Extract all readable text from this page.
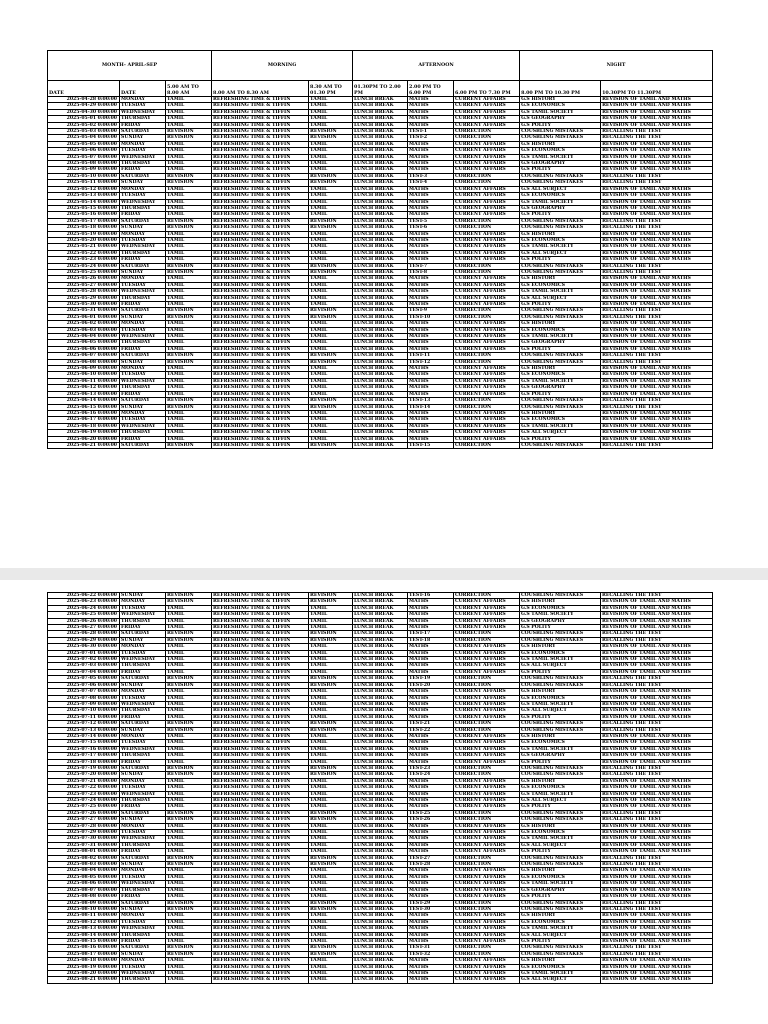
MONTH- APRIL-SEP			MORNING		AFTERNOON			NIGHT	
DATE	DATE	5.00 AM TO 8.00 AM	8.00 AM TO 8.30 AM	8.30 AM TO 01.30 PM	01.30PM TO 2.00 PM	2.00 PM TO 6.00 PM	6.00 PM TO 7.30 PM	8.00 PM TO 10.30 PM	10.30PM TO 11.30PM
2025-04-28 0:00:00	MONDAY	TAMIL	REFRESHING TIME & TIFFIN	TAMIL	LUNCH BREAK	MATHS	CURRENT AFFAIRS	G.S HISTORY	REVISION OF TAMIL AND MATHS
2025-04-29 0:00:00	TUESDAY	TAMIL	REFRESHING TIME & TIFFIN	TAMIL	LUNCH BREAK	MATHS	CURRENT AFFAIRS	G.S ECONOMICS	REVISION OF TAMIL AND MATHS
2025-04-30 0:00:00	WEDNESDAY	TAMIL	REFRESHING TIME & TIFFIN	TAMIL	LUNCH BREAK	MATHS	CURRENT AFFAIRS	G.S TAMIL SOCIETY	REVISION OF TAMIL AND MATHS
2025-05-01 0:00:00	THURSDAY	TAMIL	REFRESHING TIME & TIFFIN	TAMIL	LUNCH BREAK	MATHS	CURRENT AFFAIRS	G.S GEOGRAPHY	REVISION OF TAMIL AND MATHS
2025-05-02 0:00:00	FRIDAY	TAMIL	REFRESHING TIME & TIFFIN	TAMIL	LUNCH BREAK	MATHS	CURRENT AFFAIRS	G.S POLITY	REVISION OF TAMIL AND MATHS
2025-05-03 0:00:00	SATURDAY	REVISION	REFRESHING TIME & TIFFIN	REVISION	LUNCH BREAK	TEST-1	CORRECTION	COUSBLING MISTAKES	RECALLING THE TEST
2025-05-04 0:00:00	SUNDAY	REVISION	REFRESHING TIME & TIFFIN	REVISION	LUNCH BREAK	TEST-2	CORRECTION	COUSBLING MISTAKES	RECALLING THE TEST
2025-05-05 0:00:00	MONDAY	TAMIL	REFRESHING TIME & TIFFIN	TAMIL	LUNCH BREAK	MATHS	CURRENT AFFAIRS	G.S HISTORY	REVISION OF TAMIL AND MATHS
2025-05-06 0:00:00	TUESDAY	TAMIL	REFRESHING TIME & TIFFIN	TAMIL	LUNCH BREAK	MATHS	CURRENT AFFAIRS	G.S ECONOMICS	REVISION OF TAMIL AND MATHS
2025-05-07 0:00:00	WEDNESDAY	TAMIL	REFRESHING TIME & TIFFIN	TAMIL	LUNCH BREAK	MATHS	CURRENT AFFAIRS	G.S TAMIL SOCIETY	REVISION OF TAMIL AND MATHS
2025-05-08 0:00:00	THURSDAY	TAMIL	REFRESHING TIME & TIFFIN	TAMIL	LUNCH BREAK	MATHS	CURRENT AFFAIRS	G.S GEOGRAPHY	REVISION OF TAMIL AND MATHS
2025-05-09 0:00:00	FRIDAY	TAMIL	REFRESHING TIME & TIFFIN	TAMIL	LUNCH BREAK	MATHS	CURRENT AFFAIRS	G.S POLITY	REVISION OF TAMIL AND MATHS
2025-05-10 0:00:00	SATURDAY	REVISION	REFRESHING TIME & TIFFIN	REVISION	LUNCH BREAK	TEST-3	CORRECTION	COUSBLING MISTAKES	RECALLING THE TEST
2025-05-11 0:00:00	SUNDAY	REVISION	REFRESHING TIME & TIFFIN	REVISION	LUNCH BREAK	TEST-4	CORRECTION	COUSBLING MISTAKES	RECALLING THE TEST
2025-05-12 0:00:00	MONDAY	TAMIL	REFRESHING TIME & TIFFIN	TAMIL	LUNCH BREAK	MATHS	CURRENT AFFAIRS	G.S ALL SUBJECT	REVISION OF TAMIL AND MATHS
2025-05-13 0:00:00	TUESDAY	TAMIL	REFRESHING TIME & TIFFIN	TAMIL	LUNCH BREAK	MATHS	CURRENT AFFAIRS	G.S ECONOMICS	REVISION OF TAMIL AND MATHS
2025-05-14 0:00:00	WEDNESDAY	TAMIL	REFRESHING TIME & TIFFIN	TAMIL	LUNCH BREAK	MATHS	CURRENT AFFAIRS	G.S TAMIL SOCIETY	REVISION OF TAMIL AND MATHS
2025-05-15 0:00:00	THURSDAY	TAMIL	REFRESHING TIME & TIFFIN	TAMIL	LUNCH BREAK	MATHS	CURRENT AFFAIRS	G.S GEOGRAPHY	REVISION OF TAMIL AND MATHS
2025-05-16 0:00:00	FRIDAY	TAMIL	REFRESHING TIME & TIFFIN	TAMIL	LUNCH BREAK	MATHS	CURRENT AFFAIRS	G.S POLITY	REVISION OF TAMIL AND MATHS
2025-05-17 0:00:00	SATURDAY	REVISION	REFRESHING TIME & TIFFIN	REVISION	LUNCH BREAK	TEST-5	CORRECTION	COUSBLING MISTAKES	RECALLING THE TEST
2025-05-18 0:00:00	SUNDAY	REVISION	REFRESHING TIME & TIFFIN	REVISION	LUNCH BREAK	TEST-6	CORRECTION	COUSBLING MISTAKES	RECALLING THE TEST
2025-05-19 0:00:00	MONDAY	TAMIL	REFRESHING TIME & TIFFIN	TAMIL	LUNCH BREAK	MATHS	CURRENT AFFAIRS	G.S HISTORY	REVISION OF TAMIL AND MATHS
2025-05-20 0:00:00	TUESDAY	TAMIL	REFRESHING TIME & TIFFIN	TAMIL	LUNCH BREAK	MATHS	CURRENT AFFAIRS	G.S ECONOMICS	REVISION OF TAMIL AND MATHS
2025-05-21 0:00:00	WEDNESDAY	TAMIL	REFRESHING TIME & TIFFIN	TAMIL	LUNCH BREAK	MATHS	CURRENT AFFAIRS	G.S TAMIL SOCIETY	REVISION OF TAMIL AND MATHS
2025-05-22 0:00:00	THURSDAY	TAMIL	REFRESHING TIME & TIFFIN	TAMIL	LUNCH BREAK	MATHS	CURRENT AFFAIRS	G.S ALL SUBJECT	REVISION OF TAMIL AND MATHS
2025-05-23 0:00:00	FRIDAY	TAMIL	REFRESHING TIME & TIFFIN	TAMIL	LUNCH BREAK	MATHS	CURRENT AFFAIRS	G.S POLITY	REVISION OF TAMIL AND MATHS
2025-05-24 0:00:00	SATURDAY	REVISION	REFRESHING TIME & TIFFIN	REVISION	LUNCH BREAK	TEST-7	CORRECTION	COUSBLING MISTAKES	RECALLING THE TEST
2025-05-25 0:00:00	SUNDAY	REVISION	REFRESHING TIME & TIFFIN	REVISION	LUNCH BREAK	TEST-8	CORRECTION	COUSBLING MISTAKES	RECALLING THE TEST
2025-05-26 0:00:00	MONDAY	TAMIL	REFRESHING TIME & TIFFIN	TAMIL	LUNCH BREAK	MATHS	CURRENT AFFAIRS	G.S HISTORY	REVISION OF TAMIL AND MATHS
2025-05-27 0:00:00	TUESDAY	TAMIL	REFRESHING TIME & TIFFIN	TAMIL	LUNCH BREAK	MATHS	CURRENT AFFAIRS	G.S ECONOMICS	REVISION OF TAMIL AND MATHS
2025-05-28 0:00:00	WEDNESDAY	TAMIL	REFRESHING TIME & TIFFIN	TAMIL	LUNCH BREAK	MATHS	CURRENT AFFAIRS	G.S TAMIL SOCIETY	REVISION OF TAMIL AND MATHS
2025-05-29 0:00:00	THURSDAY	TAMIL	REFRESHING TIME & TIFFIN	TAMIL	LUNCH BREAK	MATHS	CURRENT AFFAIRS	G.S ALL SUBJECT	REVISION OF TAMIL AND MATHS
2025-05-30 0:00:00	FRIDAY	TAMIL	REFRESHING TIME & TIFFIN	TAMIL	LUNCH BREAK	MATHS	CURRENT AFFAIRS	G.S POLITY	REVISION OF TAMIL AND MATHS
2025-05-31 0:00:00	SATURDAY	REVISION	REFRESHING TIME & TIFFIN	REVISION	LUNCH BREAK	TEST-9	CORRECTION	COUSBLING MISTAKES	RECALLING THE TEST
2025-06-01 0:00:00	SUNDAY	REVISION	REFRESHING TIME & TIFFIN	REVISION	LUNCH BREAK	TEST-10	CORRECTION	COUSBLING MISTAKES	RECALLING THE TEST
2025-06-02 0:00:00	MONDAY	TAMIL	REFRESHING TIME & TIFFIN	TAMIL	LUNCH BREAK	MATHS	CURRENT AFFAIRS	G.S HISTORY	REVISION OF TAMIL AND MATHS
2025-06-03 0:00:00	TUESDAY	TAMIL	REFRESHING TIME & TIFFIN	TAMIL	LUNCH BREAK	MATHS	CURRENT AFFAIRS	G.S ECONOMICS	REVISION OF TAMIL AND MATHS
2025-06-04 0:00:00	WEDNESDAY	TAMIL	REFRESHING TIME & TIFFIN	TAMIL	LUNCH BREAK	MATHS	CURRENT AFFAIRS	G.S TAMIL SOCIETY	REVISION OF TAMIL AND MATHS
2025-06-05 0:00:00	THURSDAY	TAMIL	REFRESHING TIME & TIFFIN	TAMIL	LUNCH BREAK	MATHS	CURRENT AFFAIRS	G.S GEOGRAPHY	REVISION OF TAMIL AND MATHS
2025-06-06 0:00:00	FRIDAY	TAMIL	REFRESHING TIME & TIFFIN	TAMIL	LUNCH BREAK	MATHS	CURRENT AFFAIRS	G.S POLITY	REVISION OF TAMIL AND MATHS
2025-06-07 0:00:00	SATURDAY	REVISION	REFRESHING TIME & TIFFIN	REVISION	LUNCH BREAK	TEST-11	CORRECTION	COUSBLING MISTAKES	RECALLING THE TEST
2025-06-08 0:00:00	SUNDAY	REVISION	REFRESHING TIME & TIFFIN	REVISION	LUNCH BREAK	TEST-12	CORRECTION	COUSBLING MISTAKES	RECALLING THE TEST
2025-06-09 0:00:00	MONDAY	TAMIL	REFRESHING TIME & TIFFIN	TAMIL	LUNCH BREAK	MATHS	CURRENT AFFAIRS	G.S HISTORY	REVISION OF TAMIL AND MATHS
2025-06-10 0:00:00	TUESDAY	TAMIL	REFRESHING TIME & TIFFIN	TAMIL	LUNCH BREAK	MATHS	CURRENT AFFAIRS	G.S ECONOMICS	REVISION OF TAMIL AND MATHS
2025-06-11 0:00:00	WEDNESDAY	TAMIL	REFRESHING TIME & TIFFIN	TAMIL	LUNCH BREAK	MATHS	CURRENT AFFAIRS	G.S TAMIL SOCIETY	REVISION OF TAMIL AND MATHS
2025-06-12 0:00:00	THURSDAY	TAMIL	REFRESHING TIME & TIFFIN	TAMIL	LUNCH BREAK	MATHS	CURRENT AFFAIRS	G.S GEOGRAPHY	REVISION OF TAMIL AND MATHS
2025-06-13 0:00:00	FRIDAY	TAMIL	REFRESHING TIME & TIFFIN	TAMIL	LUNCH BREAK	MATHS	CURRENT AFFAIRS	G.S POLITY	REVISION OF TAMIL AND MATHS
2025-06-14 0:00:00	SATURDAY	REVISION	REFRESHING TIME & TIFFIN	REVISION	LUNCH BREAK	TEST-13	CORRECTION	COUSBLING MISTAKES	RECALLING THE TEST
2025-06-15 0:00:00	SUNDAY	REVISION	REFRESHING TIME & TIFFIN	REVISION	LUNCH BREAK	TEST-14	CORRECTION	COUSBLING MISTAKES	RECALLING THE TEST
2025-06-16 0:00:00	MONDAY	TAMIL	REFRESHING TIME & TIFFIN	TAMIL	LUNCH BREAK	MATHS	CURRENT AFFAIRS	G.S HISTORY	REVISION OF TAMIL AND MATHS
2025-06-17 0:00:00	TUESDAY	TAMIL	REFRESHING TIME & TIFFIN	TAMIL	LUNCH BREAK	MATHS	CURRENT AFFAIRS	G.S ECONOMICS	REVISION OF TAMIL AND MATHS
2025-06-18 0:00:00	WEDNESDAY	TAMIL	REFRESHING TIME & TIFFIN	TAMIL	LUNCH BREAK	MATHS	CURRENT AFFAIRS	G.S TAMIL SOCIETY	REVISION OF TAMIL AND MATHS
2025-06-19 0:00:00	THURSDAY	TAMIL	REFRESHING TIME & TIFFIN	TAMIL	LUNCH BREAK	MATHS	CURRENT AFFAIRS	G.S ALL SUBJECT	REVISION OF TAMIL AND MATHS
2025-06-20 0:00:00	FRIDAY	TAMIL	REFRESHING TIME & TIFFIN	TAMIL	LUNCH BREAK	MATHS	CURRENT AFFAIRS	G.S POLITY	REVISION OF TAMIL AND MATHS
2025-06-21 0:00:00	SATURDAY	REVISION	REFRESHING TIME & TIFFIN	REVISION	LUNCH BREAK	TEST-15	CORRECTION	COUSBLING MISTAKES	RECALLING THE TEST
2025-06-22 0:00:00	SUNDAY	REVISION	REFRESHING TIME & TIFFIN	REVISION	LUNCH BREAK	TEST-16	CORRECTION	COUSBLING MISTAKES	RECALLING THE TEST
2025-06-23 0:00:00	MONDAY	REVISION	REFRESHING TIME & TIFFIN	REVISION	LUNCH BREAK	MATHS	CURRENT AFFAIRS	G.S HISTORY	REVISION OF TAMIL AND MATHS
2025-06-24 0:00:00	TUESDAY	TAMIL	REFRESHING TIME & TIFFIN	TAMIL	LUNCH BREAK	MATHS	CURRENT AFFAIRS	G.S ECONOMICS	REVISION OF TAMIL AND MATHS
2025-06-25 0:00:00	WEDNESDAY	TAMIL	REFRESHING TIME & TIFFIN	TAMIL	LUNCH BREAK	MATHS	CURRENT AFFAIRS	G.S TAMIL SOCIETY	REVISION OF TAMIL AND MATHS
2025-06-26 0:00:00	THURSDAY	TAMIL	REFRESHING TIME & TIFFIN	TAMIL	LUNCH BREAK	MATHS	CURRENT AFFAIRS	G.S GEOGRAPHY	REVISION OF TAMIL AND MATHS
2025-06-27 0:00:00	FRIDAY	TAMIL	REFRESHING TIME & TIFFIN	TAMIL	LUNCH BREAK	MATHS	CURRENT AFFAIRS	G.S POLITY	REVISION OF TAMIL AND MATHS
2025-06-28 0:00:00	SATURDAY	REVISION	REFRESHING TIME & TIFFIN	REVISION	LUNCH BREAK	TEST-17	CORRECTION	COUSBLING MISTAKES	RECALLING THE TEST
2025-06-29 0:00:00	SUNDAY	REVISION	REFRESHING TIME & TIFFIN	REVISION	LUNCH BREAK	TEST-18	CORRECTION	COUSBLING MISTAKES	RECALLING THE TEST
2025-06-30 0:00:00	MONDAY	TAMIL	REFRESHING TIME & TIFFIN	TAMIL	LUNCH BREAK	MATHS	CURRENT AFFAIRS	G.S HISTORY	REVISION OF TAMIL AND MATHS
2025-07-01 0:00:00	TUESDAY	TAMIL	REFRESHING TIME & TIFFIN	TAMIL	LUNCH BREAK	MATHS	CURRENT AFFAIRS	G.S ECONOMICS	REVISION OF TAMIL AND MATHS
2025-07-02 0:00:00	WEDNESDAY	TAMIL	REFRESHING TIME & TIFFIN	TAMIL	LUNCH BREAK	MATHS	CURRENT AFFAIRS	G.S TAMIL SOCIETY	REVISION OF TAMIL AND MATHS
2025-07-03 0:00:00	THURSDAY	TAMIL	REFRESHING TIME & TIFFIN	TAMIL	LUNCH BREAK	MATHS	CURRENT AFFAIRS	G.S ALL SUBJECT	REVISION OF TAMIL AND MATHS
2025-07-04 0:00:00	FRIDAY	TAMIL	REFRESHING TIME & TIFFIN	TAMIL	LUNCH BREAK	MATHS	CURRENT AFFAIRS	G.S POLITY	REVISION OF TAMIL AND MATHS
2025-07-05 0:00:00	SATURDAY	REVISION	REFRESHING TIME & TIFFIN	REVISION	LUNCH BREAK	TEST-19	CORRECTION	COUSBLING MISTAKES	RECALLING THE TEST
2025-07-06 0:00:00	SUNDAY	REVISION	REFRESHING TIME & TIFFIN	REVISION	LUNCH BREAK	TEST-20	CORRECTION	COUSBLING MISTAKES	RECALLING THE TEST
2025-07-07 0:00:00	MONDAY	TAMIL	REFRESHING TIME & TIFFIN	TAMIL	LUNCH BREAK	MATHS	CURRENT AFFAIRS	G.S HISTORY	REVISION OF TAMIL AND MATHS
2025-07-08 0:00:00	TUESDAY	TAMIL	REFRESHING TIME & TIFFIN	TAMIL	LUNCH BREAK	MATHS	CURRENT AFFAIRS	G.S ECONOMICS	REVISION OF TAMIL AND MATHS
2025-07-09 0:00:00	WEDNESDAY	TAMIL	REFRESHING TIME & TIFFIN	TAMIL	LUNCH BREAK	MATHS	CURRENT AFFAIRS	G.S TAMIL SOCIETY	REVISION OF TAMIL AND MATHS
2025-07-10 0:00:00	THURSDAY	TAMIL	REFRESHING TIME & TIFFIN	TAMIL	LUNCH BREAK	MATHS	CURRENT AFFAIRS	G.S ALL SUBJECT	REVISION OF TAMIL AND MATHS
2025-07-11 0:00:00	FRIDAY	TAMIL	REFRESHING TIME & TIFFIN	TAMIL	LUNCH BREAK	MATHS	CURRENT AFFAIRS	G.S POLITY	REVISION OF TAMIL AND MATHS
2025-07-12 0:00:00	SATURDAY	REVISION	REFRESHING TIME & TIFFIN	REVISION	LUNCH BREAK	TEST-21	CORRECTION	COUSBLING MISTAKES	RECALLING THE TEST
2025-07-13 0:00:00	SUNDAY	REVISION	REFRESHING TIME & TIFFIN	REVISION	LUNCH BREAK	TEST-22	CORRECTION	COUSBLING MISTAKES	RECALLING THE TEST
2025-07-14 0:00:00	MONDAY	TAMIL	REFRESHING TIME & TIFFIN	TAMIL	LUNCH BREAK	MATHS	CURRENT AFFAIRS	G.S HISTORY	REVISION OF TAMIL AND MATHS
2025-07-15 0:00:00	TUESDAY	TAMIL	REFRESHING TIME & TIFFIN	TAMIL	LUNCH BREAK	MATHS	CURRENT AFFAIRS	G.S ECONOMICS	REVISION OF TAMIL AND MATHS
2025-07-16 0:00:00	WEDNESDAY	TAMIL	REFRESHING TIME & TIFFIN	TAMIL	LUNCH BREAK	MATHS	CURRENT AFFAIRS	G.S TAMIL SOCIETY	REVISION OF TAMIL AND MATHS
2025-07-17 0:00:00	THURSDAY	TAMIL	REFRESHING TIME & TIFFIN	TAMIL	LUNCH BREAK	MATHS	CURRENT AFFAIRS	G.S GEOGRAPHY	REVISION OF TAMIL AND MATHS
2025-07-18 0:00:00	FRIDAY	TAMIL	REFRESHING TIME & TIFFIN	TAMIL	LUNCH BREAK	MATHS	CURRENT AFFAIRS	G.S POLITY	REVISION OF TAMIL AND MATHS
2025-07-19 0:00:00	SATURDAY	REVISION	REFRESHING TIME & TIFFIN	REVISION	LUNCH BREAK	TEST-23	CORRECTION	COUSBLING MISTAKES	RECALLING THE TEST
2025-07-20 0:00:00	SUNDAY	REVISION	REFRESHING TIME & TIFFIN	REVISION	LUNCH BREAK	TEST-24	CORRECTION	COUSBLING MISTAKES	RECALLING THE TEST
2025-07-21 0:00:00	MONDAY	TAMIL	REFRESHING TIME & TIFFIN	TAMIL	LUNCH BREAK	MATHS	CURRENT AFFAIRS	G.S HISTORY	REVISION OF TAMIL AND MATHS
2025-07-22 0:00:00	TUESDAY	TAMIL	REFRESHING TIME & TIFFIN	TAMIL	LUNCH BREAK	MATHS	CURRENT AFFAIRS	G.S ECONOMICS	REVISION OF TAMIL AND MATHS
2025-07-23 0:00:00	WEDNESDAY	TAMIL	REFRESHING TIME & TIFFIN	TAMIL	LUNCH BREAK	MATHS	CURRENT AFFAIRS	G.S TAMIL SOCIETY	REVISION OF TAMIL AND MATHS
2025-07-24 0:00:00	THURSDAY	TAMIL	REFRESHING TIME & TIFFIN	TAMIL	LUNCH BREAK	MATHS	CURRENT AFFAIRS	G.S ALL SUBJECT	REVISION OF TAMIL AND MATHS
2025-07-25 0:00:00	FRIDAY	TAMIL	REFRESHING TIME & TIFFIN	TAMIL	LUNCH BREAK	MATHS	CURRENT AFFAIRS	G.S POLITY	REVISION OF TAMIL AND MATHS
2025-07-26 0:00:00	SATURDAY	REVISION	REFRESHING TIME & TIFFIN	REVISION	LUNCH BREAK	TEST-25	CORRECTION	COUSBLING MISTAKES	RECALLING THE TEST
2025-07-27 0:00:00	SUNDAY	REVISION	REFRESHING TIME & TIFFIN	REVISION	LUNCH BREAK	TEST-26	CORRECTION	COUSBLING MISTAKES	RECALLING THE TEST
2025-07-28 0:00:00	MONDAY	TAMIL	REFRESHING TIME & TIFFIN	TAMIL	LUNCH BREAK	MATHS	CURRENT AFFAIRS	G.S HISTORY	REVISION OF TAMIL AND MATHS
2025-07-29 0:00:00	TUESDAY	TAMIL	REFRESHING TIME & TIFFIN	TAMIL	LUNCH BREAK	MATHS	CURRENT AFFAIRS	G.S ECONOMICS	REVISION OF TAMIL AND MATHS
2025-07-30 0:00:00	WEDNESDAY	TAMIL	REFRESHING TIME & TIFFIN	TAMIL	LUNCH BREAK	MATHS	CURRENT AFFAIRS	G.S TAMIL SOCIETY	REVISION OF TAMIL AND MATHS
2025-07-31 0:00:00	THURSDAY	TAMIL	REFRESHING TIME & TIFFIN	TAMIL	LUNCH BREAK	MATHS	CURRENT AFFAIRS	G.S ALL SUBJECT	REVISION OF TAMIL AND MATHS
2025-08-01 0:00:00	FRIDAY	TAMIL	REFRESHING TIME & TIFFIN	TAMIL	LUNCH BREAK	MATHS	CURRENT AFFAIRS	G.S POLITY	REVISION OF TAMIL AND MATHS
2025-08-02 0:00:00	SATURDAY	REVISION	REFRESHING TIME & TIFFIN	REVISION	LUNCH BREAK	TEST-27	CORRECTION	COUSBLING MISTAKES	RECALLING THE TEST
2025-08-03 0:00:00	SUNDAY	REVISION	REFRESHING TIME & TIFFIN	REVISION	LUNCH BREAK	TEST-28	CORRECTION	COUSBLING MISTAKES	RECALLING THE TEST
2025-08-04 0:00:00	MONDAY	TAMIL	REFRESHING TIME & TIFFIN	TAMIL	LUNCH BREAK	MATHS	CURRENT AFFAIRS	G.S HISTORY	REVISION OF TAMIL AND MATHS
2025-08-05 0:00:00	TUESDAY	TAMIL	REFRESHING TIME & TIFFIN	TAMIL	LUNCH BREAK	MATHS	CURRENT AFFAIRS	G.S ECONOMICS	REVISION OF TAMIL AND MATHS
2025-08-06 0:00:00	WEDNESDAY	TAMIL	REFRESHING TIME & TIFFIN	TAMIL	LUNCH BREAK	MATHS	CURRENT AFFAIRS	G.S TAMIL SOCIETY	REVISION OF TAMIL AND MATHS
2025-08-07 0:00:00	THURSDAY	TAMIL	REFRESHING TIME & TIFFIN	TAMIL	LUNCH BREAK	MATHS	CURRENT AFFAIRS	G.S GEOGRAPHY	REVISION OF TAMIL AND MATHS
2025-08-08 0:00:00	FRIDAY	TAMIL	REFRESHING TIME & TIFFIN	TAMIL	LUNCH BREAK	MATHS	CURRENT AFFAIRS	G.S POLITY	REVISION OF TAMIL AND MATHS
2025-08-09 0:00:00	SATURDAY	REVISION	REFRESHING TIME & TIFFIN	REVISION	LUNCH BREAK	TEST-29	CORRECTION	COUSBLING MISTAKES	RECALLING THE TEST
2025-08-10 0:00:00	SUNDAY	REVISION	REFRESHING TIME & TIFFIN	REVISION	LUNCH BREAK	TEST-30	CORRECTION	COUSBLING MISTAKES	RECALLING THE TEST
2025-08-11 0:00:00	MONDAY	TAMIL	REFRESHING TIME & TIFFIN	TAMIL	LUNCH BREAK	MATHS	CURRENT AFFAIRS	G.S HISTORY	REVISION OF TAMIL AND MATHS
2025-08-12 0:00:00	TUESDAY	TAMIL	REFRESHING TIME & TIFFIN	TAMIL	LUNCH BREAK	MATHS	CURRENT AFFAIRS	G.S ECONOMICS	REVISION OF TAMIL AND MATHS
2025-08-13 0:00:00	WEDNESDAY	TAMIL	REFRESHING TIME & TIFFIN	TAMIL	LUNCH BREAK	MATHS	CURRENT AFFAIRS	G.S TAMIL SOCIETY	REVISION OF TAMIL AND MATHS
2025-08-14 0:00:00	THURSDAY	TAMIL	REFRESHING TIME & TIFFIN	TAMIL	LUNCH BREAK	MATHS	CURRENT AFFAIRS	G.S ALL SUBJECT	REVISION OF TAMIL AND MATHS
2025-08-15 0:00:00	FRIDAY	TAMIL	REFRESHING TIME & TIFFIN	TAMIL	LUNCH BREAK	MATHS	CURRENT AFFAIRS	G.S POLITY	REVISION OF TAMIL AND MATHS
2025-08-16 0:00:00	SATURDAY	REVISION	REFRESHING TIME & TIFFIN	REVISION	LUNCH BREAK	TEST-31	CORRECTION	COUSBLING MISTAKES	RECALLING THE TEST
2025-08-17 0:00:00	SUNDAY	REVISION	REFRESHING TIME & TIFFIN	REVISION	LUNCH BREAK	TEST-32	CORRECTION	COUSBLING MISTAKES	RECALLING THE TEST
2025-08-18 0:00:00	MONDAY	TAMIL	REFRESHING TIME & TIFFIN	TAMIL	LUNCH BREAK	MATHS	CURRENT AFFAIRS	G.S HISTORY	REVISION OF TAMIL AND MATHS
2025-08-19 0:00:00	TUESDAY	TAMIL	REFRESHING TIME & TIFFIN	TAMIL	LUNCH BREAK	MATHS	CURRENT AFFAIRS	G.S ECONOMICS	REVISION OF TAMIL AND MATHS
2025-08-20 0:00:00	WEDNESDAY	TAMIL	REFRESHING TIME & TIFFIN	TAMIL	LUNCH BREAK	MATHS	CURRENT AFFAIRS	G.S TAMIL SOCIETY	REVISION OF TAMIL AND MATHS
2025-08-21 0:00:00	THURSDAY	TAMIL	REFRESHING TIME & TIFFIN	TAMIL	LUNCH BREAK	MATHS	CURRENT AFFAIRS	G.S ALL SUBJECT	REVISION OF TAMIL AND MATHS
